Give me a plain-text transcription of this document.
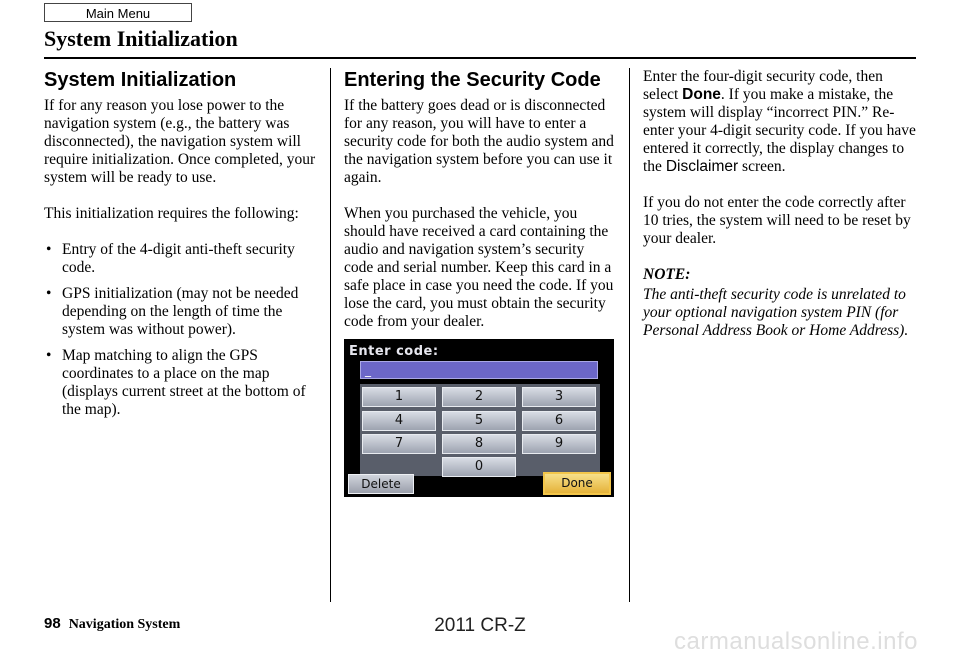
Main Menu
System Initialization
System Initialization

If for any reason you lose power to the navigation system (e.g., the battery was disconnected), the navigation system will require initialization. Once completed, your system will be ready to use.

This initialization requires the following:

• Entry of the 4-digit anti-theft security code.
• GPS initialization (may not be needed depending on the length of time the system was without power).
• Map matching to align the GPS coordinates to a place on the map (displays current street at the bottom of the map).
Entering the Security Code

If the battery goes dead or is disconnected for any reason, you will have to enter a security code for both the audio system and the navigation system before you can use it again.

When you purchased the vehicle, you should have received a card containing the audio and navigation system’s security code and serial number. Keep this card in a safe place in case you need the code. If you lose the card, you must obtain the security code from your dealer.

Enter code:
_
1	2	3
4	5	6
7	8	9
0
Delete	Done

Enter the four-digit security code, then select Done. If you make a mistake, the system will display “incorrect PIN.” Re-enter your 4-digit security code. If you have entered it correctly, the display changes to the Disclaimer screen.

If you do not enter the code correctly after 10 tries, the system will need to be reset by your dealer.

NOTE:

The anti-theft security code is unrelated to your optional navigation system PIN (for Personal Address Book or Home Address).

98 Navigation System	2011 CR-Z
carmanualsonline.info
